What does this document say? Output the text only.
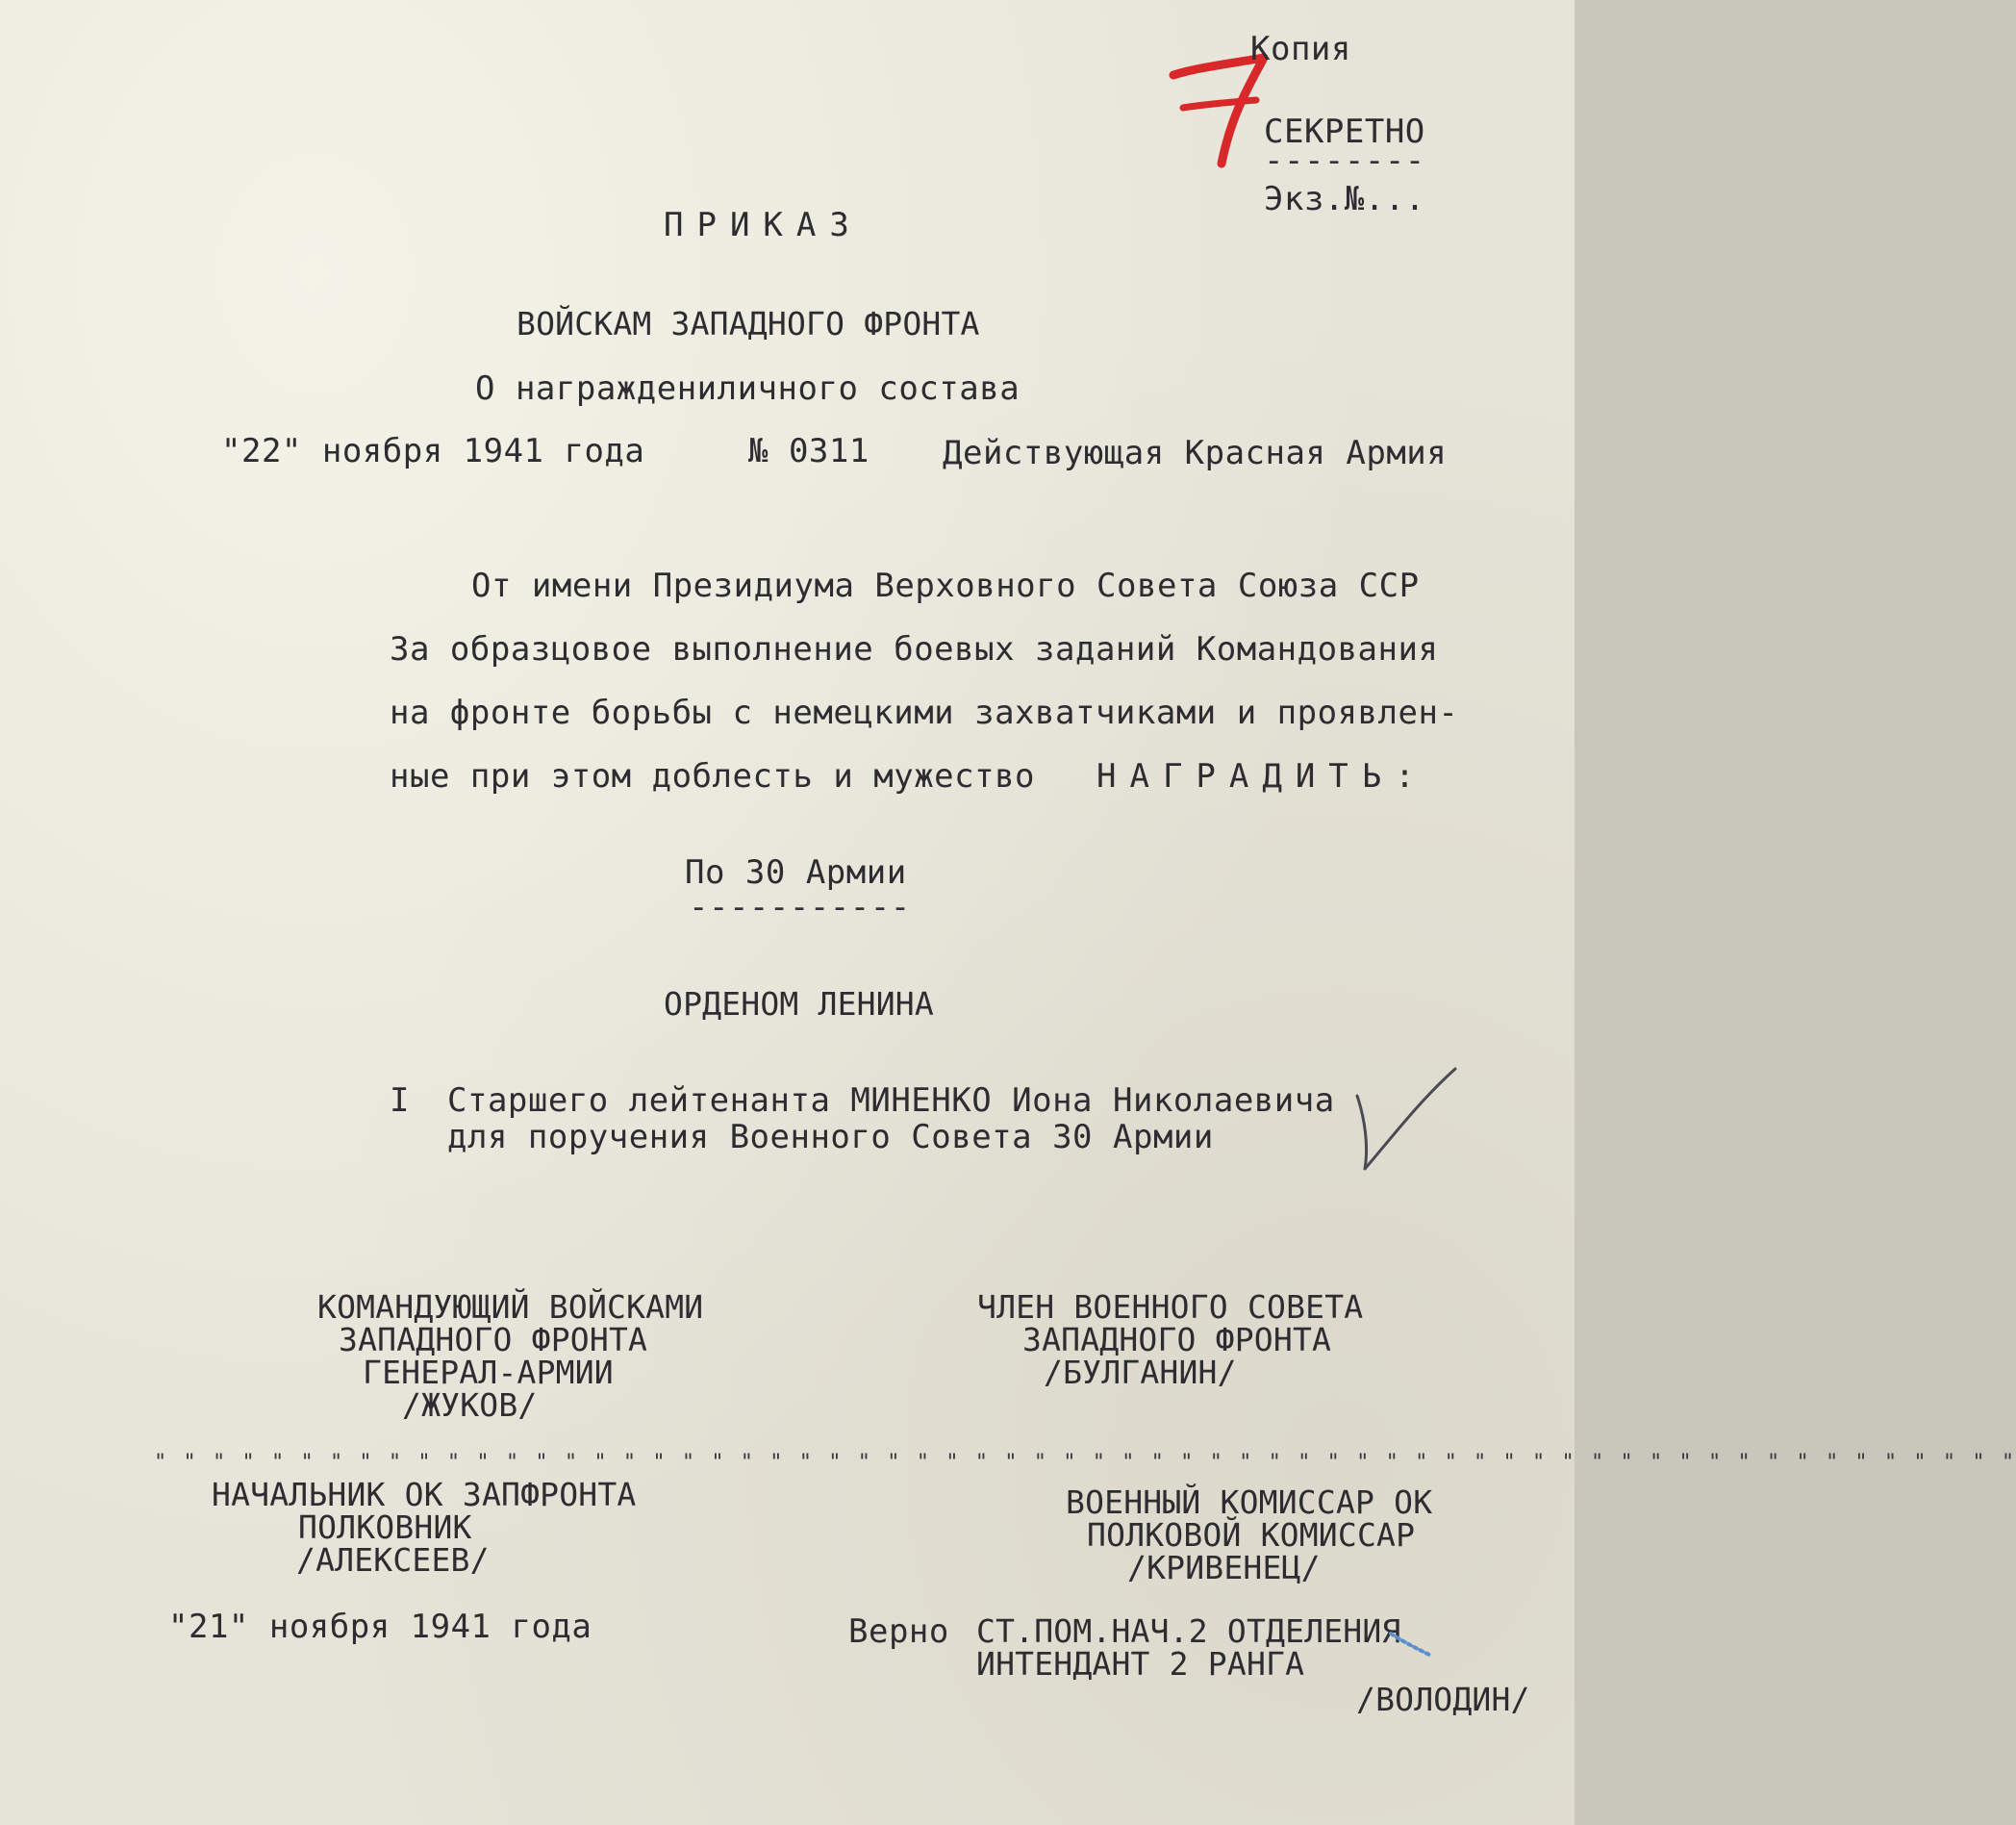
Копия
СЕКРЕТНО
--------
Экз.№...
ПРИКАЗ
ВОЙСКАМ ЗАПАДНОГО ФРОНТА
О награждениличного состава
"22" ноября 1941 года	№ 0311 Действующая Красная Армия
От имени Президиума Верховного Совета Союза ССР
За образцовое выполнение боевых заданий Командования
на фронте борьбы с немецкими захватчиками и проявлен-
ные при этом доблесть и мужество НАГРАДИТЬ:
По 30 Армии
-----------
ОРДЕНОМ ЛЕНИНА
I Старшего лейтенанта МИНЕНКО Иона Николаевича
для поручения Военного Совета 30 Армии
КОМАНДУЮЩИЙ ВОЙСКАМИ
ЗАПАДНОГО ФРОНТА
ГЕНЕРАЛ-АРМИИ
/ЖУКОВ/
ЧЛЕН ВОЕННОГО СОВЕТА
ЗАПАДНОГО ФРОНТА
/БУЛГАНИН/
" " " " " " " " " " " " " " " " " " " " " " " " " " " " " " " " " " " " " " " " " " " " " " " " " " " " " " " " " " " " " " " "
НАЧАЛЬНИК ОК ЗАПФРОНТА
ПОЛКОВНИК
/АЛЕКСЕЕВ/
ВОЕННЫЙ КОМИССАР ОК
ПОЛКОВОЙ КОМИССАР
/КРИВЕНЕЦ/
"21" ноября 1941 года	Верно СТ.ПОМ.НАЧ.2 ОТДЕЛЕНИЯ
ИНТЕНДАНТ 2 РАНГА
/ВОЛОДИН/
